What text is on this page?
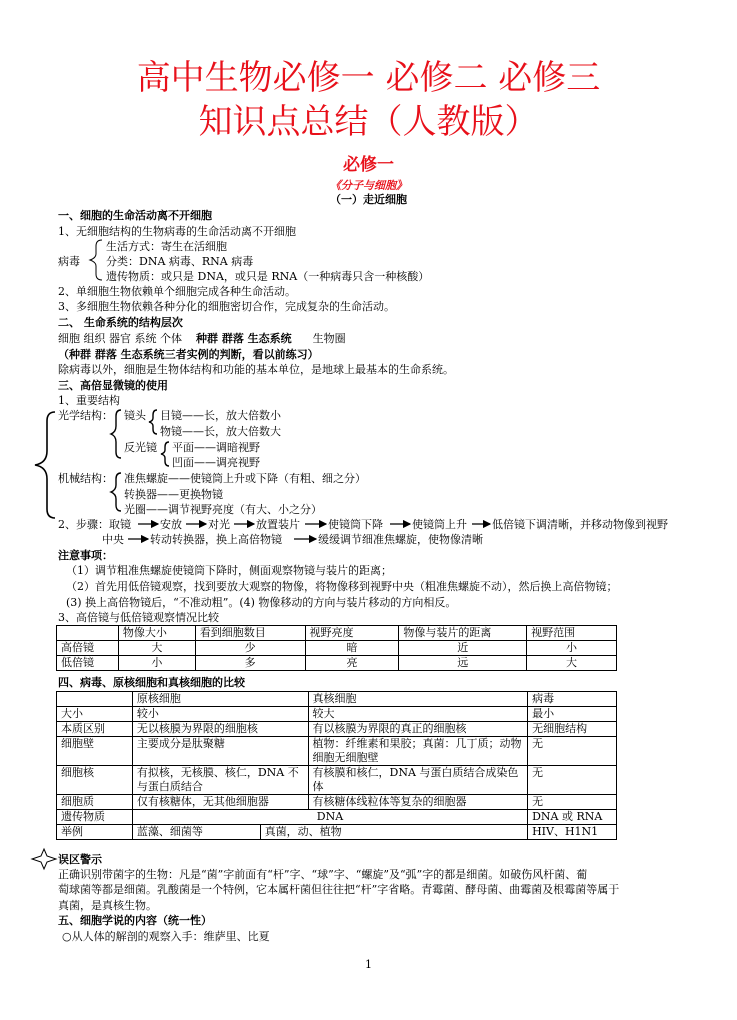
高中生物必修一 必修二 必修三
知识点总结（人教版）
必修一
《分子与细胞》
（一）走近细胞
一、细胞的生命活动离不开细胞
1、无细胞结构的生物病毒的生命活动离不开细胞
病毒
生活方式：寄生在活细胞
分类：DNA 病毒、RNA 病毒
遗传物质：或只是 DNA，或只是 RNA（一种病毒只含一种核酸）
2、单细胞生物依赖单个细胞完成各种生命活动。
3、多细胞生物依赖各种分化的细胞密切合作，完成复杂的生命活动。
二、 生命系统的结构层次
细胞 组织 器官 系统 个体 种群 群落 生态系统 生物圈
（种群 群落 生态系统三者实例的判断，看以前练习）
除病毒以外，细胞是生物体结构和功能的基本单位，是地球上最基本的生命系统。
三、高倍显微镜的使用
1、重要结构
光学结构： 镜头 目镜——长，放大倍数小
物镜——长，放大倍数大
反光镜 平面——调暗视野
凹面——调亮视野
机械结构： 准焦螺旋——使镜筒上升或下降（有粗、细之分）
转换器——更换物镜
光圈——调节视野亮度（有大、小之分）
2、步骤：取镜	安放 对光 放置装片	使镜筒下降	使镜筒上升 低倍镜下调清晰，并移动物像到视野
中央 转动转换器，换上高倍物镜	缓缓调节细准焦螺旋，使物像清晰
注意事项：
（1）调节粗准焦螺旋使镜筒下降时，侧面观察物镜与装片的距离；
（2）首先用低倍镜观察，找到要放大观察的物像，将物像移到视野中央（粗准焦螺旋不动），然后换上高倍物镜；
(3) 换上高倍物镜后，“不准动粗”。(4) 物像移动的方向与装片移动的方向相反。
3、高倍镜与低倍镜观察情况比较
	物像大小	看到细胞数目	视野亮度	物像与装片的距离	视野范围
高倍镜	大	少	暗	近	小
低倍镜	小	多	亮	远	大
四、病毒、原核细胞和真核细胞的比较
	原核细胞		真核细胞	病毒
大小	较小		较大	最小
本质区别	无以核膜为界限的细胞核		有以核膜为界限的真正的细胞核	无细胞结构
细胞壁	主要成分是肽聚糖		植物：纤维素和果胶；真菌：几丁质；动物细胞无细胞壁	无
细胞核	有拟核，无核膜、核仁，DNA 不与蛋白质结合		有核膜和核仁，DNA 与蛋白质结合成染色体	无
细胞质	仅有核糖体，无其他细胞器		有核糖体线粒体等复杂的细胞器	无
遗传物质	DNA			DNA 或 RNA
举例	蓝藻、细菌等	真菌，动、植物		HIV、H1N1
误区警示
正确识别带菌字的生物：凡是“菌”字前面有“杆”字、“球”字、“螺旋”及“弧”字的都是细菌。如破伤风杆菌、葡
萄球菌等都是细菌。乳酸菌是一个特例，它本属杆菌但往往把“杆”字省略。青霉菌、酵母菌、曲霉菌及根霉菌等属于
真菌，是真核生物。
五、细胞学说的内容（统一性）
○从人体的解剖的观察入手：维萨里、比夏
1
